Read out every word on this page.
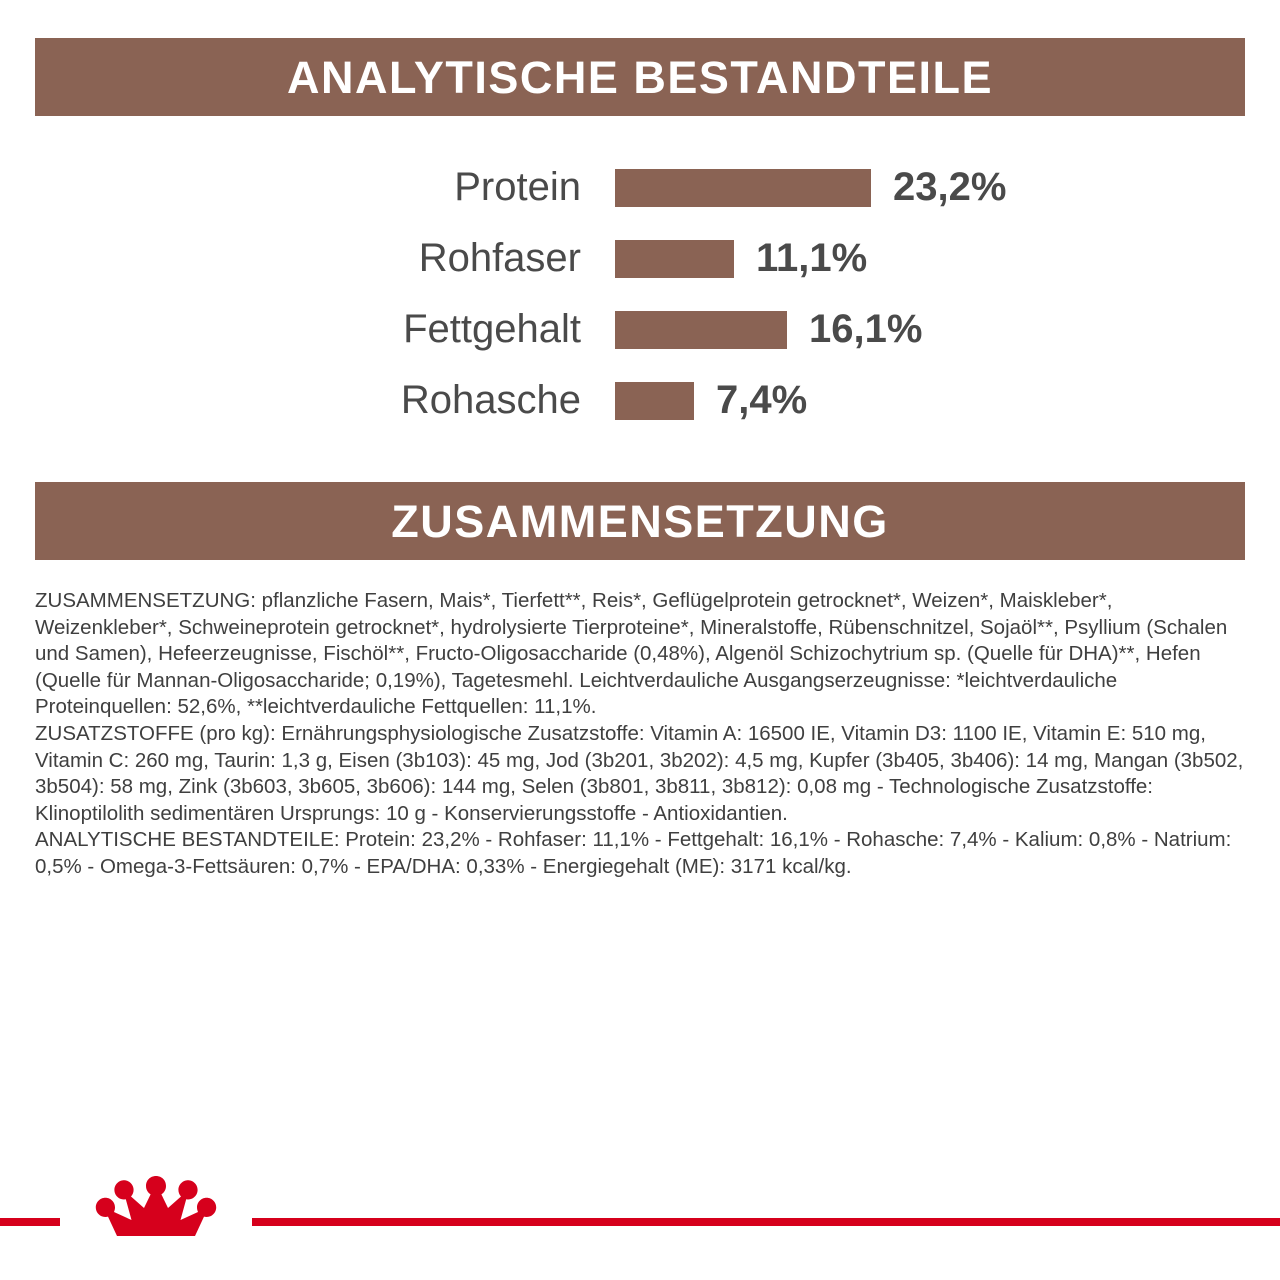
ANALYTISCHE BESTANDTEILE
Protein	23,2%
Rohfaser	11,1%
Fettgehalt	16,1%
Rohasche	7,4%
ZUSAMMENSETZUNG

ZUSAMMENSETZUNG: pflanzliche Fasern, Mais*, Tierfett**, Reis*, Geflügelprotein getrocknet*, Weizen*, Maiskleber*, Weizenkleber*, Schweineprotein getrocknet*, hydrolysierte Tierproteine*, Mineralstoffe, Rübenschnitzel, Sojaöl**, Psyllium (Schalen und Samen), Hefeerzeugnisse, Fischöl**, Fructo-Oligosaccharide (0,48%), Algenöl Schizochytrium sp. (Quelle für DHA)**, Hefen (Quelle für Mannan-Oligosaccharide; 0,19%), Tagetesmehl. Leichtverdauliche Ausgangserzeugnisse: *leichtverdauliche Proteinquellen: 52,6%, **leichtverdauliche Fettquellen: 11,1%.

ZUSATZSTOFFE (pro kg): Ernährungsphysiologische Zusatzstoffe: Vitamin A: 16500 IE, Vitamin D3: 1100 IE, Vitamin E: 510 mg, Vitamin C: 260 mg, Taurin: 1,3 g, Eisen (3b103): 45 mg, Jod (3b201, 3b202): 4,5 mg, Kupfer (3b405, 3b406): 14 mg, Mangan (3b502, 3b504): 58 mg, Zink (3b603, 3b605, 3b606): 144 mg, Selen (3b801, 3b811, 3b812): 0,08 mg - Technologische Zusatzstoffe: Klinoptilolith sedimentären Ursprungs: 10 g - Konservierungsstoffe - Antioxidantien.

ANALYTISCHE BESTANDTEILE: Protein: 23,2% - Rohfaser: 11,1% - Fettgehalt: 16,1% - Rohasche: 7,4% - Kalium: 0,8% - Natrium: 0,5% - Omega-3-Fettsäuren: 0,7% - EPA/DHA: 0,33% - Energiegehalt (ME): 3171 kcal/kg.
